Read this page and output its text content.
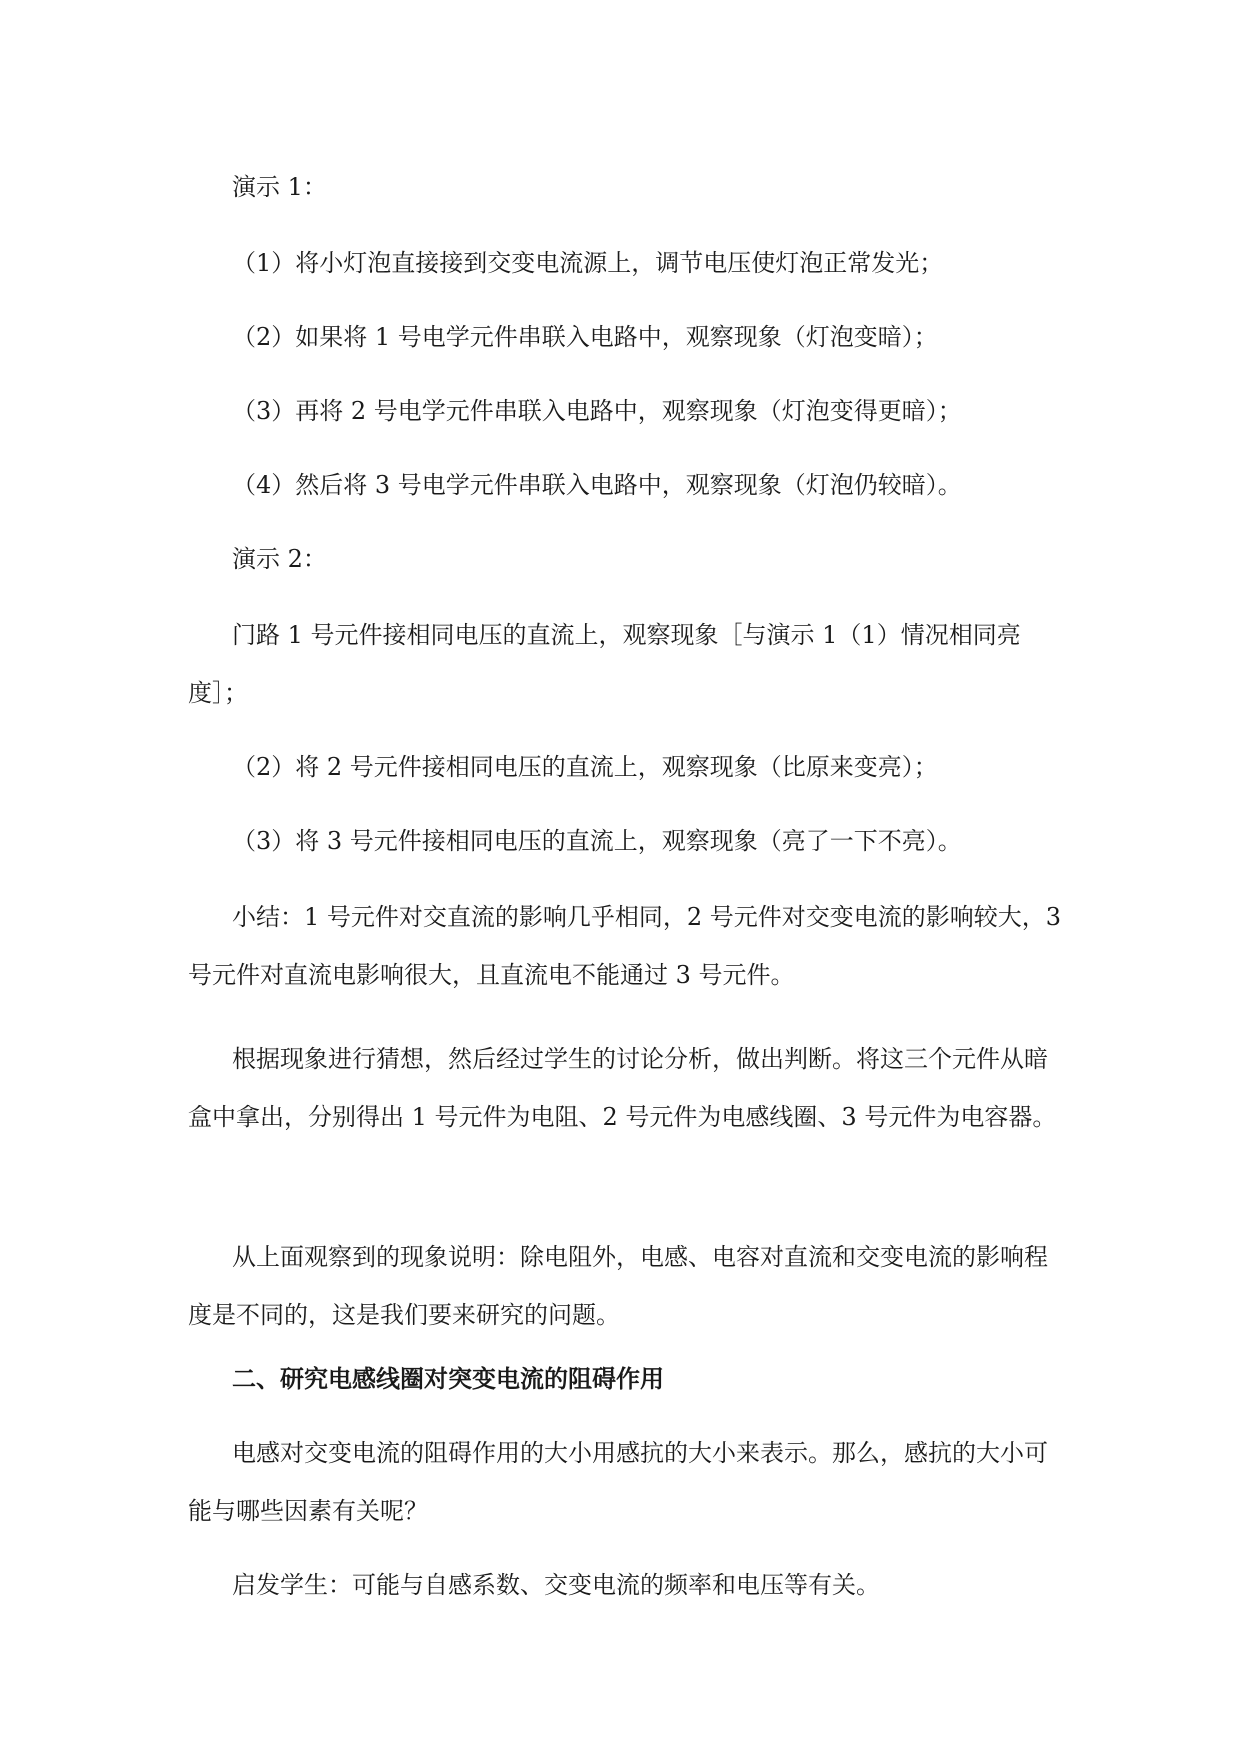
演示 1：

（1）将小灯泡直接接到交变电流源上，调节电压使灯泡正常发光；

（2）如果将 1 号电学元件串联入电路中，观察现象（灯泡变暗）；

（3）再将 2 号电学元件串联入电路中，观察现象（灯泡变得更暗）；

（4）然后将 3 号电学元件串联入电路中，观察现象（灯泡仍较暗）。

演示 2：

门路 1 号元件接相同电压的直流上，观察现象［与演示 1（1）情况相同亮度］；

（2）将 2 号元件接相同电压的直流上，观察现象（比原来变亮）；

（3）将 3 号元件接相同电压的直流上，观察现象（亮了一下不亮）。

小结：1 号元件对交直流的影响几乎相同，2 号元件对交变电流的影响较大，3 号元件对直流电影响很大，且直流电不能通过 3 号元件。

根据现象进行猜想，然后经过学生的讨论分析，做出判断。将这三个元件从暗盒中拿出，分别得出 1 号元件为电阻、2 号元件为电感线圈、3 号元件为电容器。

从上面观察到的现象说明：除电阻外，电感、电容对直流和交变电流的影响程度是不同的，这是我们要来研究的问题。

二、研究电感线圈对突变电流的阻碍作用

电感对交变电流的阻碍作用的大小用感抗的大小来表示。那么，感抗的大小可能与哪些因素有关呢？

启发学生：可能与自感系数、交变电流的频率和电压等有关。
